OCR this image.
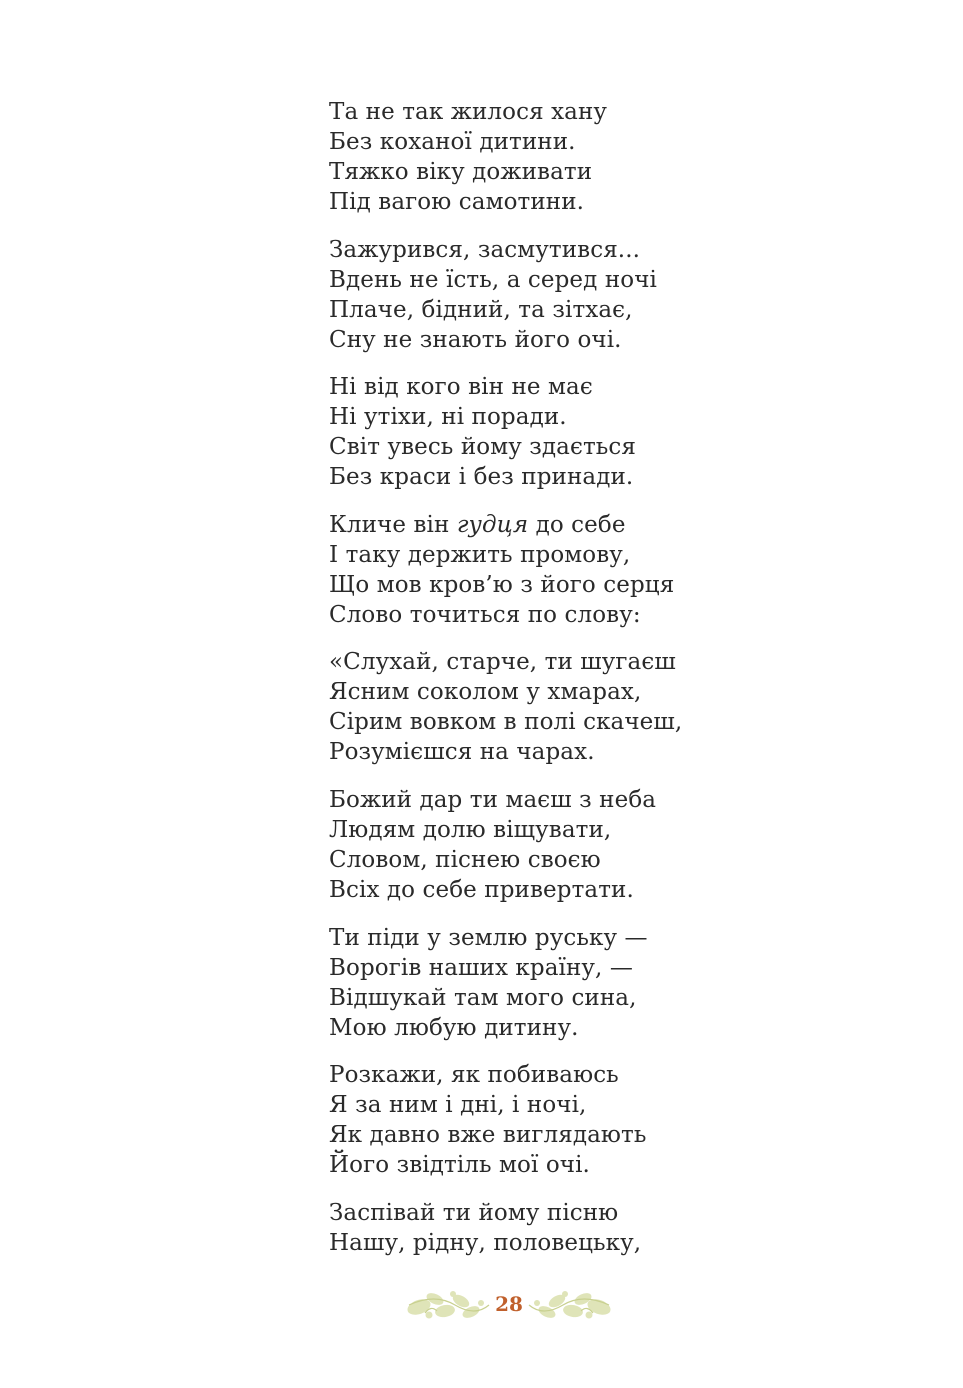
Та не так жилося хану
Без коханої дитини.
Тяжко віку доживати
Під вагою самотини.
Зажурився, засмутився...
Вдень не їсть, а серед ночі
Плаче, бідний, та зітхає,
Сну не знають його очі.
Ні від кого він не має
Ні утіхи, ні поради.
Світ увесь йому здається
Без краси і без принади.
Кличе він гудця до себе
І таку держить промову,
Що мов кров’ю з його серця
Слово точиться по слову:
«Слухай, старче, ти шугаєш
Ясним соколом у хмарах,
Сірим вовком в полі скачеш,
Розумієшся на чарах.
Божий дар ти маєш з неба
Людям долю віщувати,
Словом, піснею своєю
Всіх до себе привертати.
Ти піди у землю руську —
Ворогів наших країну, —
Відшукай там мого сина,
Мою любую дитину.
Розкажи, як побиваюсь
Я за ним і дні, і ночі,
Як давно вже виглядають
Його звідтіль мої очі.
Заспівай ти йому пісню
Нашу, рідну, половецьку,
28
